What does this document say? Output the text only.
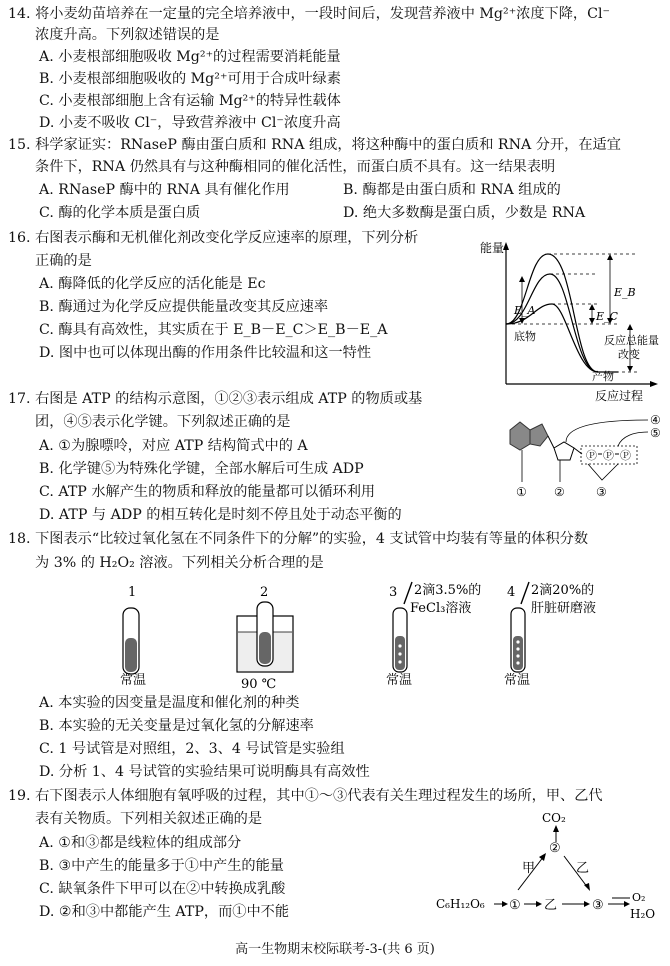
14. 将小麦幼苗培养在一定量的完全培养液中，一段时间后，发现营养液中 Mg²⁺浓度下降，Cl⁻
浓度升高。下列叙述错误的是
A. 小麦根部细胞吸收 Mg²⁺的过程需要消耗能量
B. 小麦根部细胞吸收的 Mg²⁺可用于合成叶绿素
C. 小麦根部细胞上含有运输 Mg²⁺的特异性载体
D. 小麦不吸收 Cl⁻，导致营养液中 Cl⁻浓度升高
15. 科学家证实：RNaseP 酶由蛋白质和 RNA 组成，将这种酶中的蛋白质和 RNA 分开，在适宜
条件下，RNA 仍然具有与这种酶相同的催化活性，而蛋白质不具有。这一结果表明
A. RNaseP 酶中的 RNA 具有催化作用	B. 酶都是由蛋白质和 RNA 组成的
C. 酶的化学本质是蛋白质	D. 绝大多数酶是蛋白质，少数是 RNA
16. 右图表示酶和无机催化剂改变化学反应速率的原理，下列分析
正确的是
A. 酶降低的化学反应的活化能是 Ec
B. 酶通过为化学反应提供能量改变其反应速率
C. 酶具有高效性，其实质在于 E_B－E_C＞E_B－E_A
D. 图中也可以体现出酶的作用条件比较温和这一特性
能量
反应过程
E_B
E_A	E_C
底物	反应总能量
改变
产物
17. 右图是 ATP 的结构示意图，①②③表示组成 ATP 的物质或基
团，④⑤表示化学键。下列叙述正确的是
A. ①为腺嘌呤，对应 ATP 结构简式中的 A
B. 化学键⑤为特殊化学键，全部水解后可生成 ADP
C. ATP 水解产生的物质和释放的能量都可以循环利用
D. ATP 与 ADP 的相互转化是时刻不停且处于动态平衡的
Ⓟ Ⓟ Ⓟ
④
⑤
① ②	③
18. 下图表示“比较过氧化氢在不同条件下的分解”的实验，4 支试管中均装有等量的体积分数
为 3% 的 H₂O₂ 溶液。下列相关分析合理的是
1
常温
2
90 ℃
3 2滴3.5%的
FeCl₃溶液
常温
4 2滴20%的
肝脏研磨液
常温
A. 本实验的因变量是温度和催化剂的种类
B. 本实验的无关变量是过氧化氢的分解速率
C. 1 号试管是对照组，2、3、4 号试管是实验组
D. 分析 1、4 号试管的实验结果可说明酶具有高效性
19. 右下图表示人体细胞有氧呼吸的过程，其中①～③代表有关生理过程发生的场所，甲、乙代
表有关物质。下列相关叙述正确的是
A. ①和③都是线粒体的组成部分
B. ③中产生的能量多于①中产生的能量
C. 缺氧条件下甲可以在②中转换成乳酸
D. ②和③中都能产生 ATP，而①中不能
CO₂
②
甲	乙
C₆H₁₂O₆ ① 乙	③
O₂
H₂O
高一生物期末校际联考-3-(共 6 页)
